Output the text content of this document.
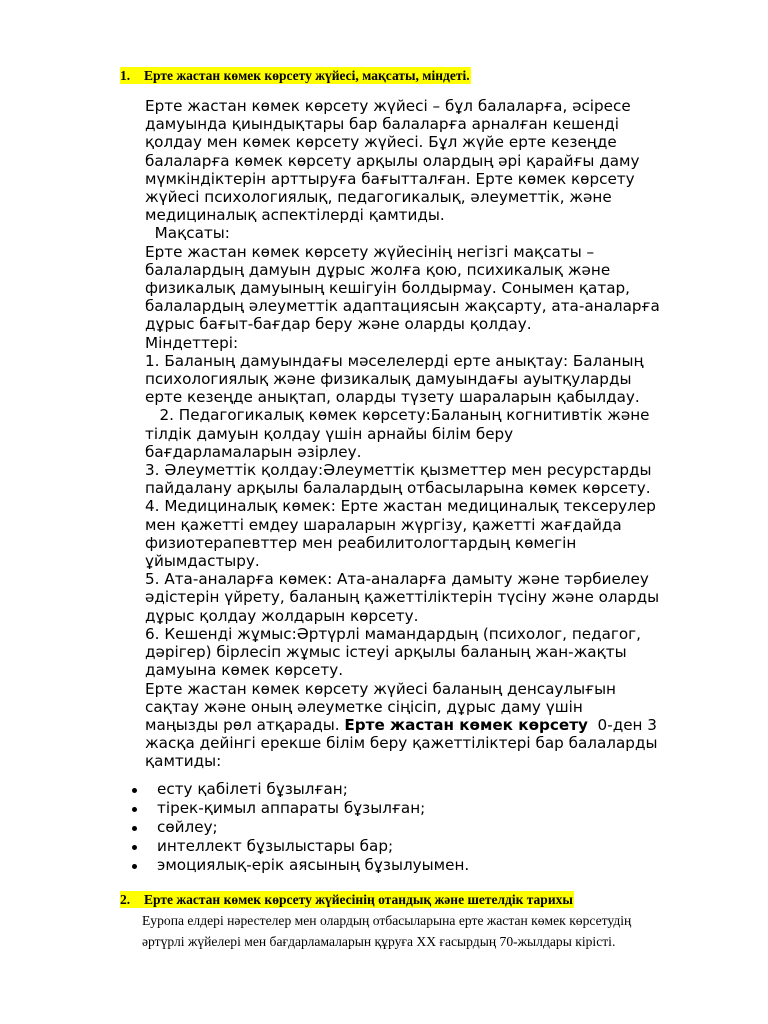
1. Ерте жастан көмек көрсету жүйесі, мақсаты, міндеті.

Ерте жастан көмек көрсету жүйесі – бұл балаларға, әсіресе

дамуында қиындықтары бар балаларға арналған кешенді

қолдау мен көмек көрсету жүйесі. Бұл жүйе ерте кезеңде

балаларға көмек көрсету арқылы олардың әрі қарайғы даму

мүмкіндіктерін арттыруға бағытталған. Ерте көмек көрсету

жүйесі психологиялық, педагогикалық, әлеуметтік, және

медициналық аспектілерді қамтиды.

Мақсаты:

Ерте жастан көмек көрсету жүйесінің негізгі мақсаты –

балалардың дамуын дұрыс жолға қою, психикалық және

физикалық дамуының кешігуін болдырмау. Сонымен қатар,

балалардың әлеуметтік адаптациясын жақсарту, ата-аналарға

дұрыс бағыт-бағдар беру және оларды қолдау.

Міндеттері:

1. Баланың дамуындағы мәселелерді ерте анықтау: Баланың

психологиялық және физикалық дамуындағы ауытқуларды

ерте кезеңде анықтап, оларды түзету шараларын қабылдау.

2. Педагогикалық көмек көрсету:Баланың когнитивтік және

тілдік дамуын қолдау үшін арнайы білім беру

бағдарламаларын әзірлеу.

3. Әлеуметтік қолдау:Әлеуметтік қызметтер мен ресурстарды

пайдалану арқылы балалардың отбасыларына көмек көрсету.

4. Медициналық көмек: Ерте жастан медициналық тексерулер

мен қажетті емдеу шараларын жүргізу, қажетті жағдайда

физиотерапевттер мен реабилитологтардың көмегін

ұйымдастыру.

5. Ата-аналарға көмек: Ата-аналарға дамыту және тәрбиелеу

әдістерін үйрету, баланың қажеттіліктерін түсіну және оларды

дұрыс қолдау жолдарын көрсету.

6. Кешенді жұмыс:Әртүрлі мамандардың (психолог, педагог,

дәрігер) бірлесіп жұмыс істеуі арқылы баланың жан-жақты

дамуына көмек көрсету.

Ерте жастан көмек көрсету жүйесі баланың денсаулығын

сақтау және оның әлеуметке сіңісіп, дұрыс даму үшін

маңызды рөл атқарады. Ерте жастан көмек көрсету  0-ден 3

жасқа дейінгі ерекше білім беру қажеттіліктері бар балаларды

қамтиды:

есту қабілеті бұзылған;
тірек-қимыл аппараты бұзылған;
сөйлеу;
интеллект бұзылыстары бар;
эмоциялық-ерік аясының бұзылуымен.
2. Ерте жастан көмек көрсету жүйесінің отандық және шетелдік тарихы

Еуропа елдері нәрестелер мен олардың отбасыларына ерте жастан көмек көрсетудің

әртүрлі жүйелері мен бағдарламаларын құруға XX ғасырдың 70-жылдары кірісті.
